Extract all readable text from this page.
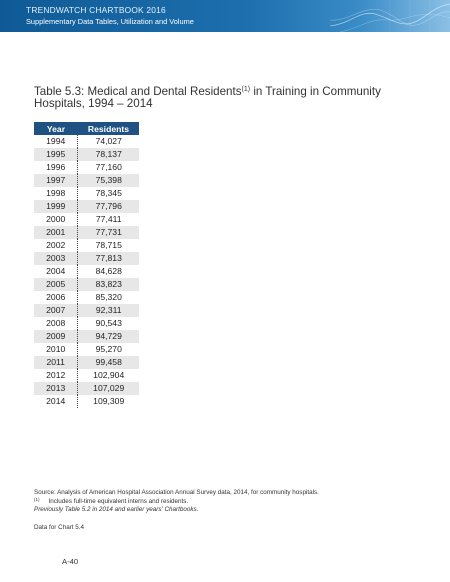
TRENDWATCH CHARTBOOK 2016
Supplementary Data Tables, Utilization and Volume
Table 5.3: Medical and Dental Residents$^{(1)}$ in Training in Community Hospitals, 1994 – 2014
Year	Residents
1994	74,027
1995	78,137
1996	77,160
1997	75,398
1998	78,345
1999	77,796
2000	77,411
2001	77,731
2002	78,715
2003	77,813
2004	84,628
2005	83,823
2006	85,320
2007	92,311
2008	90,543
2009	94,729
2010	95,270
2011	99,458
2012	102,904
2013	107,029
2014	109,309
Source: Analysis of American Hospital Association Annual Survey data, 2014, for community hospitals.
$^{(1)}$ Includes full-time equivalent interns and residents.
Previously Table 5.2 in 2014 and earlier years' Chartbooks.
Data for Chart 5.4
A-40
